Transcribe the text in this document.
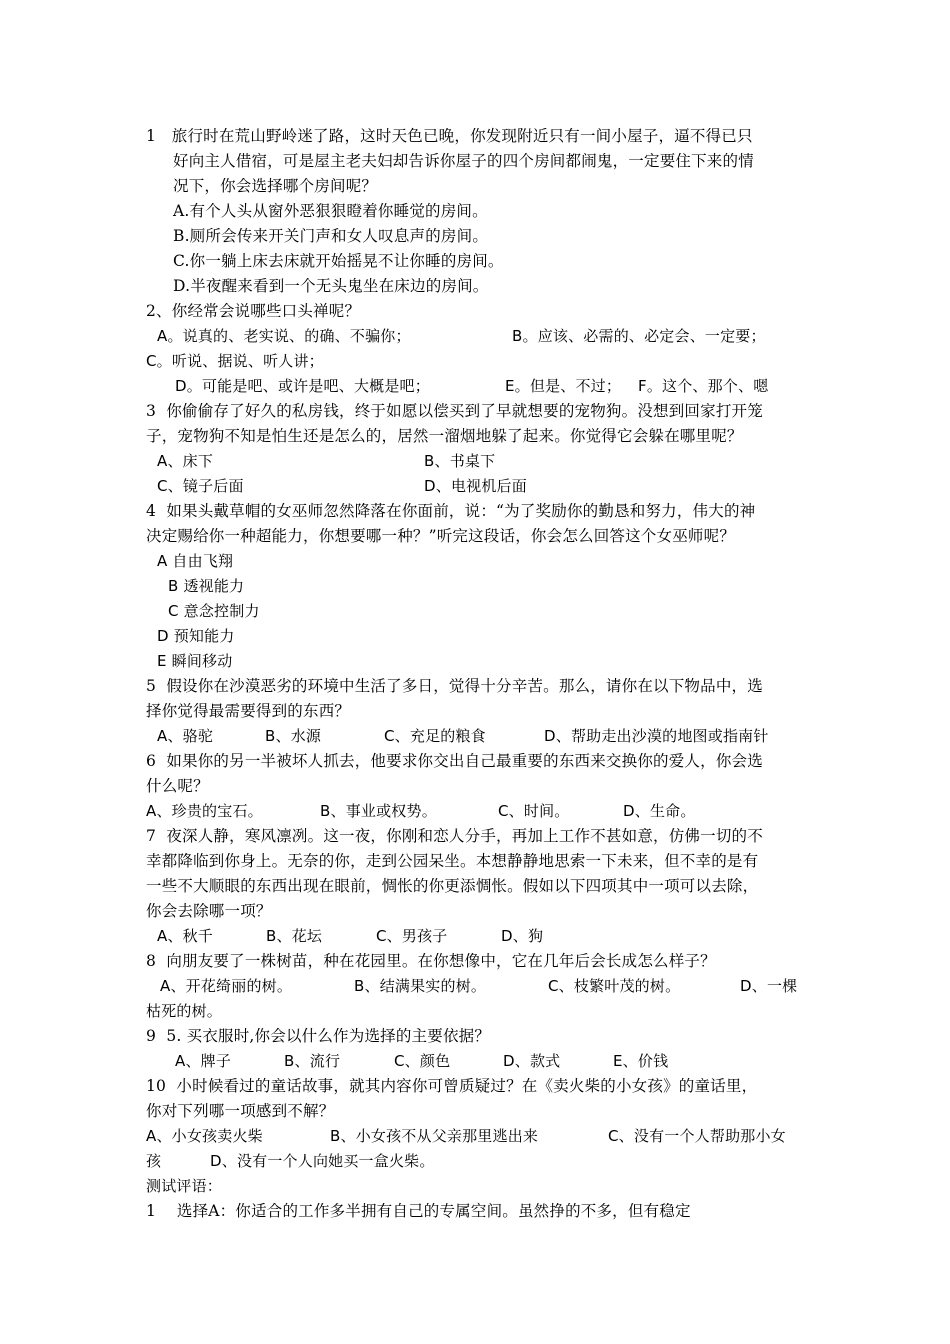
1　旅行时在荒山野岭迷了路，这时天色已晚，你发现附近只有一间小屋子，逼不得已只
好向主人借宿，可是屋主老夫妇却告诉你屋子的四个房间都闹鬼，一定要住下来的情
况下，你会选择哪个房间呢？
A.有个人头从窗外恶狠狠瞪着你睡觉的房间。
B.厕所会传来开关门声和女人叹息声的房间。
C.你一躺上床去床就开始摇晃不让你睡的房间。
D.半夜醒来看到一个无头鬼坐在床边的房间。
2、你经常会说哪些口头禅呢？
A。说真的、老实说、的确、不骗你；	B。应该、必需的、必定会、一定要；
C。听说、据说、听人讲；
D。可能是吧、或许是吧、大概是吧；	E。但是、不过； F。这个、那个、嗯
3  你偷偷存了好久的私房钱，终于如愿以偿买到了早就想要的宠物狗。没想到回家打开笼
子，宠物狗不知是怕生还是怎么的，居然一溜烟地躲了起来。你觉得它会躲在哪里呢？
A、床下	B、书桌下
C、镜子后面	D、电视机后面
4  如果头戴草帽的女巫师忽然降落在你面前，说：“为了奖励你的勤恳和努力，伟大的神
决定赐给你一种超能力，你想要哪一种？”听完这段话，你会怎么回答这个女巫师呢？
A 自由飞翔
B 透视能力
C 意念控制力
D 预知能力
E 瞬间移动
5  假设你在沙漠恶劣的环境中生活了多日，觉得十分辛苦。那么，请你在以下物品中，选
择你觉得最需要得到的东西？
A、骆驼	B、水源	C、充足的粮食	D、帮助走出沙漠的地图或指南针
6  如果你的另一半被坏人抓去，他要求你交出自己最重要的东西来交换你的爱人，你会选
什么呢？
A、珍贵的宝石。	B、事业或权势。	C、时间。	D、生命。
7  夜深人静，寒风凛冽。这一夜，你刚和恋人分手，再加上工作不甚如意，仿佛一切的不
幸都降临到你身上。无奈的你，走到公园呆坐。本想静静地思索一下未来，但不幸的是有
一些不大顺眼的东西出现在眼前，惆怅的你更添惆怅。假如以下四项其中一项可以去除，
你会去除哪一项？
A、秋千	B、花坛	C、男孩子	D、狗
8  向朋友要了一株树苗，种在花园里。在你想像中，它在几年后会长成怎么样子？
A、开花绮丽的树。	B、结满果实的树。	C、枝繁叶茂的树。	D、一棵
枯死的树。
9  5. 买衣服时,你会以什么作为选择的主要依据？
A、牌子	B、流行	C、颜色	D、款式	E、价钱
10  小时候看过的童话故事，就其内容你可曾质疑过？在《卖火柴的小女孩》的童话里，
你对下列哪一项感到不解？
A、小女孩卖火柴	B、小女孩不从父亲那里逃出来	C、没有一个人帮助那小女
孩	D、没有一个人向她买一盒火柴。
测试评语：
1　 选择A：你适合的工作多半拥有自己的专属空间。虽然挣的不多，但有稳定
